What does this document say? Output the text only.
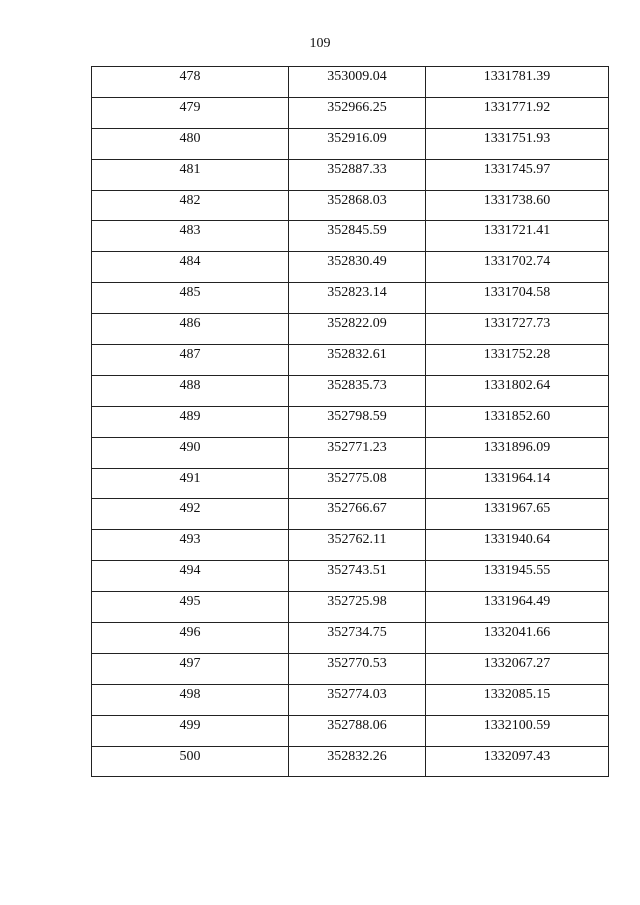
109
478	353009.04	1331781.39
479	352966.25	1331771.92
480	352916.09	1331751.93
481	352887.33	1331745.97
482	352868.03	1331738.60
483	352845.59	1331721.41
484	352830.49	1331702.74
485	352823.14	1331704.58
486	352822.09	1331727.73
487	352832.61	1331752.28
488	352835.73	1331802.64
489	352798.59	1331852.60
490	352771.23	1331896.09
491	352775.08	1331964.14
492	352766.67	1331967.65
493	352762.11	1331940.64
494	352743.51	1331945.55
495	352725.98	1331964.49
496	352734.75	1332041.66
497	352770.53	1332067.27
498	352774.03	1332085.15
499	352788.06	1332100.59
500	352832.26	1332097.43
